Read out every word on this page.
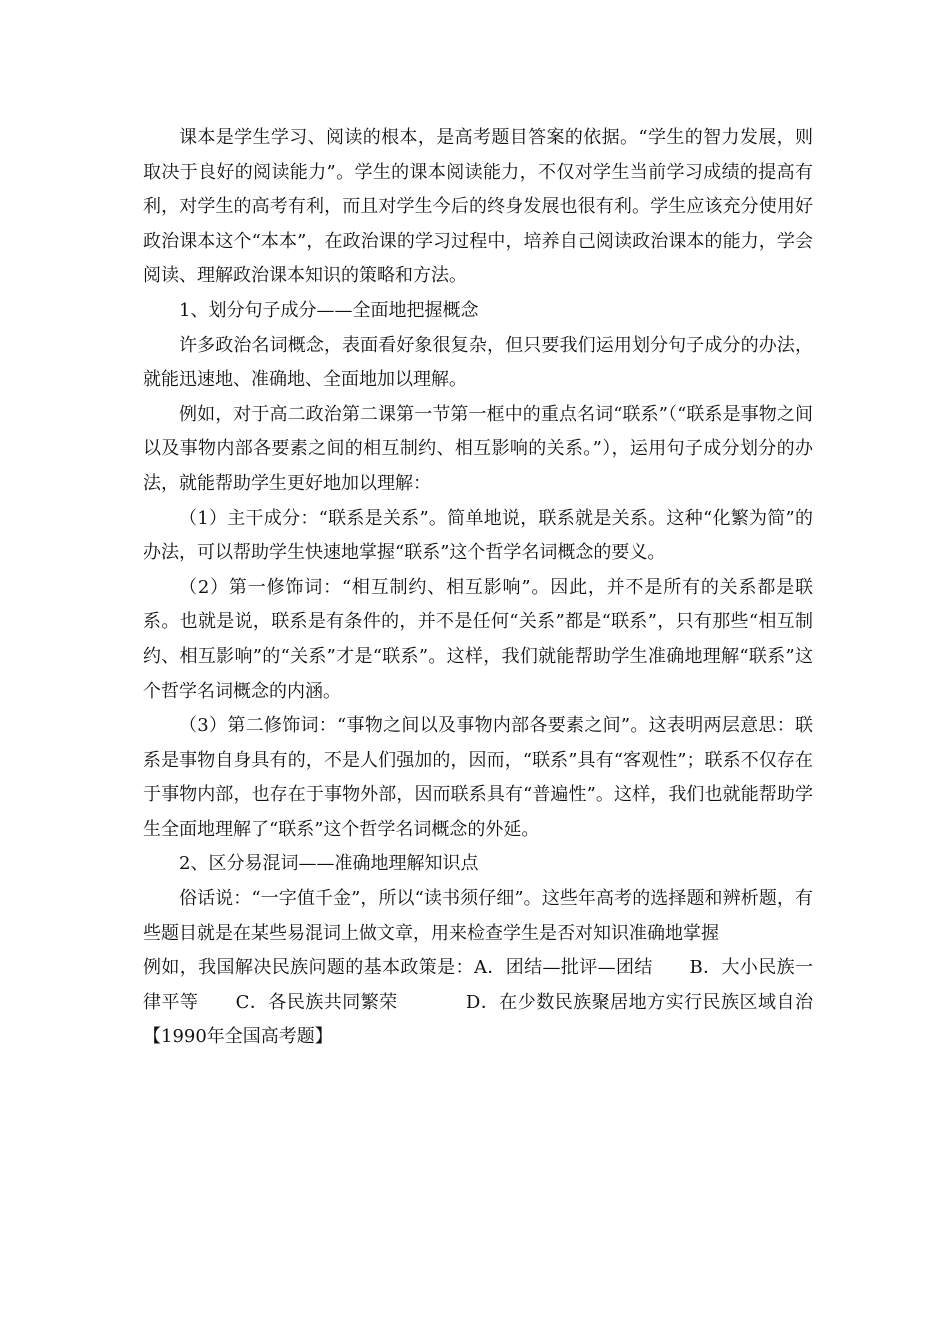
课本是学生学习、阅读的根本，是高考题目答案的依据。“学生的智力发展，则取决于良好的阅读能力”。学生的课本阅读能力，不仅对学生当前学习成绩的提高有利，对学生的高考有利，而且对学生今后的终身发展也很有利。学生应该充分使用好政治课本这个“本本”，在政治课的学习过程中，培养自己阅读政治课本的能力，学会阅读、理解政治课本知识的策略和方法。

1、划分句子成分——全面地把握概念

许多政治名词概念，表面看好象很复杂，但只要我们运用划分句子成分的办法，就能迅速地、准确地、全面地加以理解。

例如，对于高二政治第二课第一节第一框中的重点名词“联系”（“联系是事物之间以及事物内部各要素之间的相互制约、相互影响的关系。”），运用句子成分划分的办法，就能帮助学生更好地加以理解：

（1）主干成分：“联系是关系”。简单地说，联系就是关系。这种“化繁为简”的办法，可以帮助学生快速地掌握“联系”这个哲学名词概念的要义。

（2）第一修饰词：“相互制约、相互影响”。因此，并不是所有的关系都是联系。也就是说，联系是有条件的，并不是任何“关系”都是“联系”，只有那些“相互制约、相互影响”的“关系”才是“联系”。这样，我们就能帮助学生准确地理解“联系”这个哲学名词概念的内涵。

（3）第二修饰词：“事物之间以及事物内部各要素之间”。这表明两层意思：联系是事物自身具有的，不是人们强加的，因而，“联系”具有“客观性”；联系不仅存在于事物内部，也存在于事物外部，因而联系具有“普遍性”。这样，我们也就能帮助学生全面地理解了“联系”这个哲学名词概念的外延。

2、区分易混词——准确地理解知识点

俗话说：“一字值千金”，所以“读书须仔细”。这些年高考的选择题和辨析题，有些题目就是在某些易混词上做文章，用来检查学生是否对知识准确地掌握

例如，我国解决民族问题的基本政策是：A．团结—批评—团结 B．大小民族一律平等 C．各民族共同繁荣	D．在少数民族聚居地方实行民族区域自治【1990年全国高考题】
